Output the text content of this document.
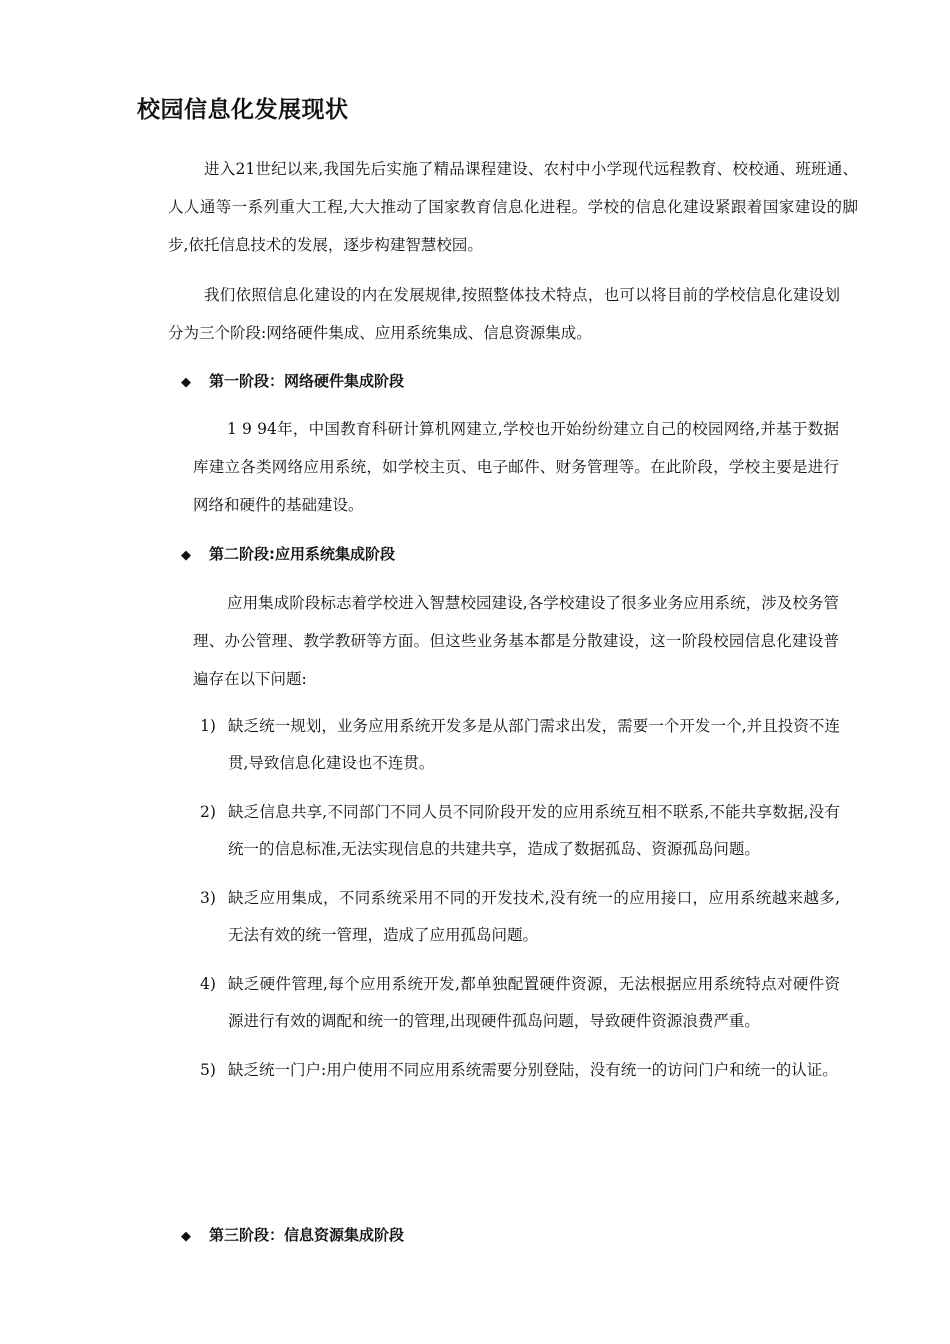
校园信息化发展现状

进入21世纪以来,我国先后实施了精品课程建设、农村中小学现代远程教育、校校通、班班通、人人通等一系列重大工程,大大推动了国家教育信息化进程。学校的信息化建设紧跟着国家建设的脚步,依托信息技术的发展，逐步构建智慧校园。

我们依照信息化建设的内在发展规律,按照整体技术特点，也可以将目前的学校信息化建设划分为三个阶段:网络硬件集成、应用系统集成、信息资源集成。

◆ 第一阶段：网络硬件集成阶段

1 9 94年，中国教育科研计算机网建立,学校也开始纷纷建立自己的校园网络,并基于数据库建立各类网络应用系统，如学校主页、电子邮件、财务管理等。在此阶段，学校主要是进行网络和硬件的基础建设。

◆ 第二阶段:应用系统集成阶段

应用集成阶段标志着学校进入智慧校园建设,各学校建设了很多业务应用系统，涉及校务管理、办公管理、教学教研等方面。但这些业务基本都是分散建设，这一阶段校园信息化建设普遍存在以下问题:

1) 缺乏统一规划，业务应用系统开发多是从部门需求出发，需要一个开发一个,并且投资不连贯,导致信息化建设也不连贯。
2) 缺乏信息共享,不同部门不同人员不同阶段开发的应用系统互相不联系,不能共享数据,没有统一的信息标准,无法实现信息的共建共享，造成了数据孤岛、资源孤岛问题。
3) 缺乏应用集成，不同系统采用不同的开发技术,没有统一的应用接口，应用系统越来越多,无法有效的统一管理，造成了应用孤岛问题。
4) 缺乏硬件管理,每个应用系统开发,都单独配置硬件资源，无法根据应用系统特点对硬件资源进行有效的调配和统一的管理,出现硬件孤岛问题，导致硬件资源浪费严重。
5) 缺乏统一门户:用户使用不同应用系统需要分别登陆，没有统一的访问门户和统一的认证。
◆ 第三阶段：信息资源集成阶段
